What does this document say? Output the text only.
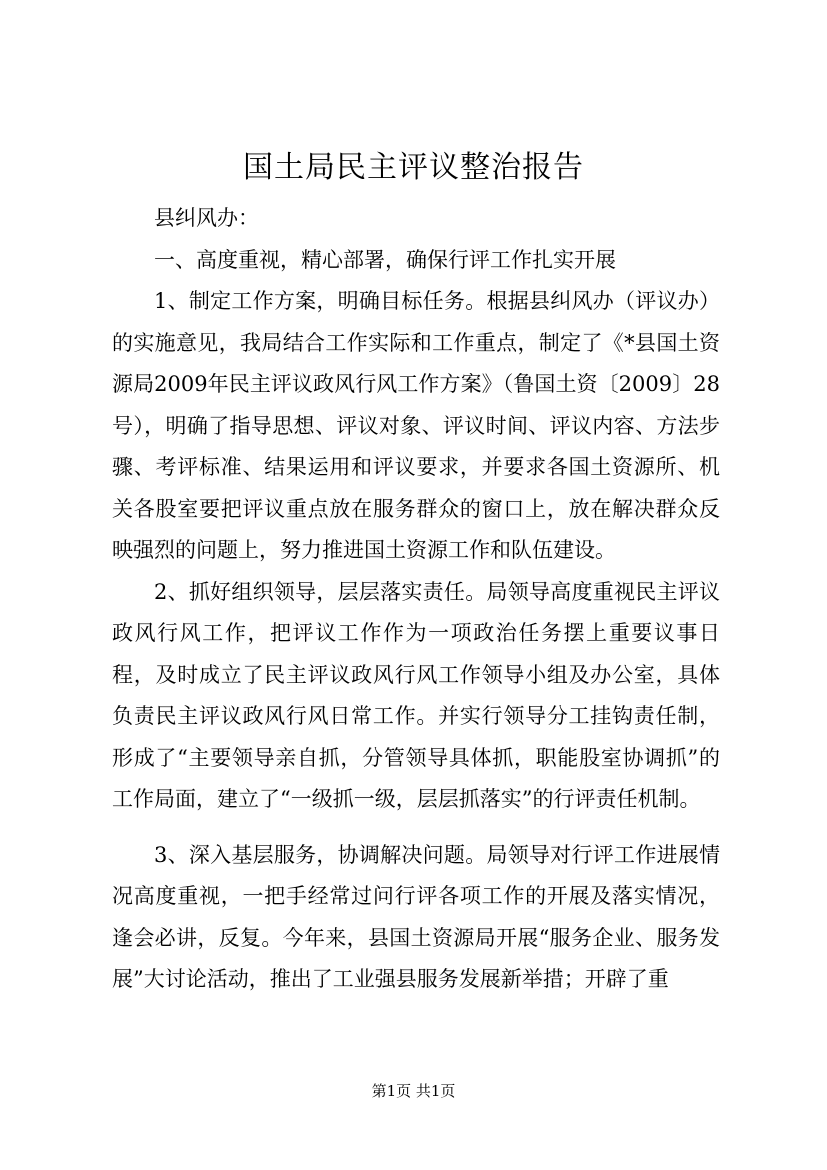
国土局民主评议整治报告

县纠风办：

一、高度重视，精心部署，确保行评工作扎实开展

1、制定工作方案，明确目标任务。根据县纠风办（评议办）的实施意见，我局结合工作实际和工作重点，制定了《*县国土资源局2009年民主评议政风行风工作方案》（鲁国土资〔2009〕28号），明确了指导思想、评议对象、评议时间、评议内容、方法步骤、考评标准、结果运用和评议要求，并要求各国土资源所、机关各股室要把评议重点放在服务群众的窗口上，放在解决群众反映强烈的问题上，努力推进国土资源工作和队伍建设。

2、抓好组织领导，层层落实责任。局领导高度重视民主评议政风行风工作，把评议工作作为一项政治任务摆上重要议事日程，及时成立了民主评议政风行风工作领导小组及办公室，具体负责民主评议政风行风日常工作。并实行领导分工挂钩责任制，形成了“主要领导亲自抓，分管领导具体抓，职能股室协调抓”的工作局面，建立了“一级抓一级，层层抓落实”的行评责任机制。

3、深入基层服务，协调解决问题。局领导对行评工作进展情况高度重视，一把手经常过问行评各项工作的开展及落实情况，逢会必讲，反复。今年来，县国土资源局开展“服务企业、服务发展”大讨论活动，推出了工业强县服务发展新举措；开辟了重

第1页 共1页
